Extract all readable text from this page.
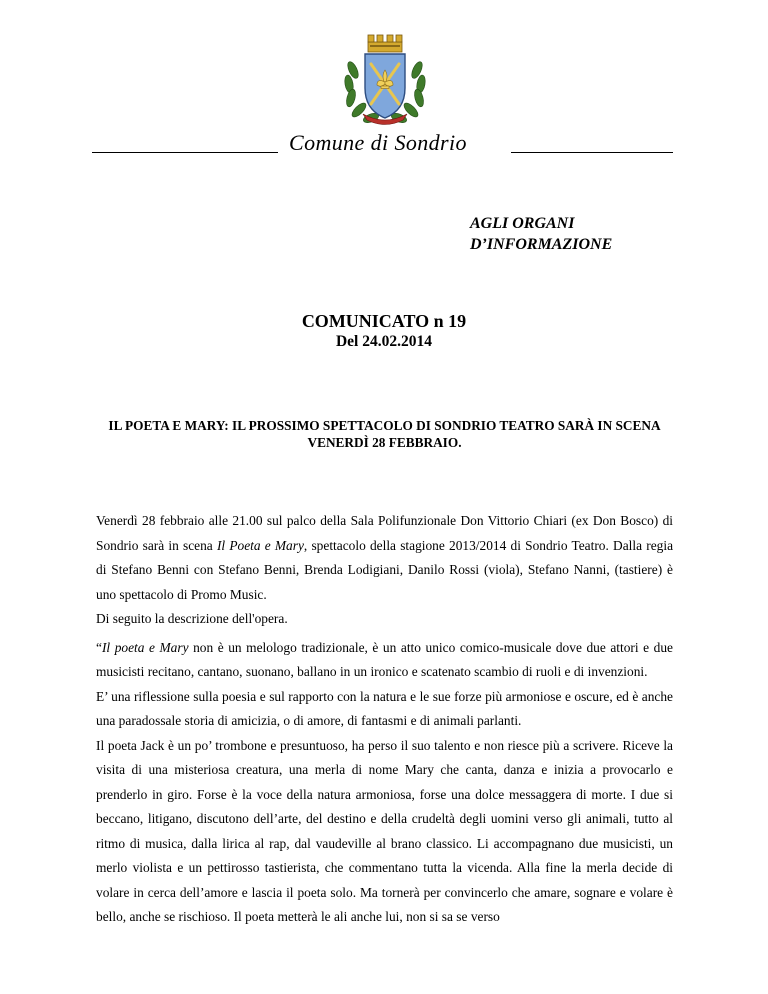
Comune di Sondrio
AGLI ORGANI
D’INFORMAZIONE
COMUNICATO n 19
Del 24.02.2014
IL POETA E MARY: IL PROSSIMO SPETTACOLO DI SONDRIO TEATRO SARÀ IN SCENA VENERDÌ 28 FEBBRAIO.

Venerdì 28 febbraio alle 21.00 sul palco della Sala Polifunzionale Don Vittorio Chiari (ex Don Bosco) di Sondrio sarà in scena Il Poeta e Mary, spettacolo della stagione 2013/2014 di Sondrio Teatro. Dalla regia di Stefano Benni con Stefano Benni, Brenda Lodigiani, Danilo Rossi (viola), Stefano Nanni, (tastiere) è uno spettacolo di Promo Music.

Di seguito la descrizione dell'opera.

“Il poeta e Mary non è un melologo tradizionale, è un atto unico comico-musicale dove due attori e due musicisti recitano, cantano, suonano, ballano in un ironico e scatenato scambio di ruoli e di invenzioni.

E’ una riflessione sulla poesia e sul rapporto con la natura e le sue forze più armoniose e oscure, ed è anche una paradossale storia di amicizia, o di amore, di fantasmi e di animali parlanti.

Il poeta Jack è un po’ trombone e presuntuoso, ha perso il suo talento e non riesce più a scrivere. Riceve la visita di una misteriosa creatura, una merla di nome Mary che canta, danza e inizia a provocarlo e prenderlo in giro. Forse è la voce della natura armoniosa, forse una dolce messaggera di morte. I due si beccano, litigano, discutono dell’arte, del destino e della crudeltà degli uomini verso gli animali, tutto al ritmo di musica, dalla lirica al rap, dal vaudeville al brano classico. Li accompagnano due musicisti, un merlo violista e un pettirosso tastierista, che commentano tutta la vicenda. Alla fine la merla decide di volare in cerca dell’amore e lascia il poeta solo. Ma tornerà per convincerlo che amare, sognare e volare è bello, anche se rischioso. Il poeta metterà le ali anche lui, non si sa se verso
